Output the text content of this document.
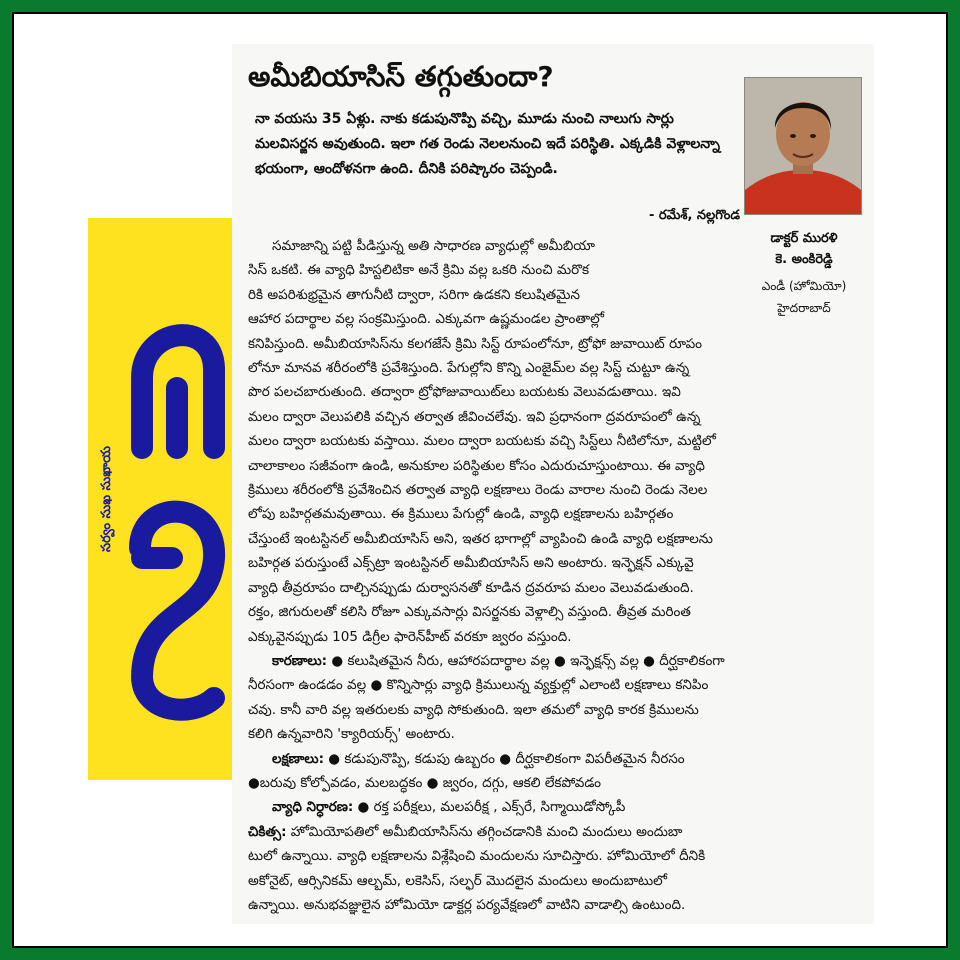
సర్వం సుఖ సుఖాయ
అమీబియాసిస్ తగ్గుతుందా?
నా వయసు 35 ఏళ్లు. నాకు కడుపునొప్పి వచ్చి, మూడు నుంచి నాలుగు సార్లు మలవిసర్జన అవుతుంది. ఇలా గత రెండు నెలలనుంచి ఇదే పరిస్థితి. ఎక్కడికి వెళ్లాలన్నా భయంగా, ఆందోళనగా ఉంది. దీనికి పరిష్కారం చెప్పండి.
- రమేశ్, నల్లగొండ
డాక్టర్ మురళి
కె. అంకిరెడ్డి
ఎండీ (హోమియో)
హైదరాబాద్
సమాజాన్ని పట్టి పీడిస్తున్న అతి సాధారణ వ్యాధుల్లో అమీబియా
సిస్ ఒకటి. ఈ వ్యాధి హిస్టలిటికా అనే క్రిమి వల్ల ఒకరి నుంచి మరొక
రికి అపరిశుభ్రమైన తాగునీటి ద్వారా, సరిగా ఉడకని కలుషితమైన
ఆహార పదార్థాల వల్ల సంక్రమిస్తుంది. ఎక్కువగా ఉష్ణమండల ప్రాంతాల్లో
కనిపిస్తుంది. అమీబియాసిస్‌ను కలగజేసే క్రిమి సిస్ట్ రూపంలోనూ, ట్రోఫో జువాయిట్ రూపం
లోనూ మానవ శరీరంలోకి ప్రవేశిస్తుంది. పేగుల్లోని కొన్ని ఎంజైమ్‌ల వల్ల సిస్ట్ చుట్టూ ఉన్న
పొర పలచబారుతుంది. తద్వారా ట్రోఫోజువాయిట్‌లు బయటకు వెలువడుతాయి. ఇవి
మలం ద్వారా వెలుపలికి వచ్చిన తర్వాత జీవించలేవు. ఇవి ప్రధానంగా ద్రవరూపంలో ఉన్న
మలం ద్వారా బయటకు వస్తాయి. మలం ద్వారా బయటకు వచ్చి సిస్ట్‌లు నీటిలోనూ, మట్టిలో
చాలాకాలం సజీవంగా ఉండి, అనుకూల పరిస్థితుల కోసం ఎదురుచూస్తుంటాయి. ఈ వ్యాధి
క్రిములు శరీరంలోకి ప్రవేశించిన తర్వాత వ్యాధి లక్షణాలు రెండు వారాల నుంచి రెండు నెలల
లోపు బహిర్గతమవుతాయి. ఈ క్రిములు పేగుల్లో ఉండి, వ్యాధి లక్షణాలను బహిర్గతం
చేస్తుంటే ఇంటస్టినల్ అమీబియాసిస్ అని, ఇతర భాగాల్లో వ్యాపించి ఉండి వ్యాధి లక్షణాలను
బహిర్గత పరుస్తుంటే ఎక్స్‌ట్రా ఇంటస్టినల్ అమీబియాసిస్ అని అంటారు. ఇన్ఫెక్షన్ ఎక్కువై
వ్యాధి తీవ్రరూపం దాల్చినప్పుడు దుర్వాసనతో కూడిన ద్రవరూప మలం వెలువడుతుంది.
రక్తం, జిగురులతో కలిసి రోజూ ఎక్కువసార్లు విసర్జనకు వెళ్లాల్సి వస్తుంది. తీవ్రత మరింత
ఎక్కువైనప్పుడు 105 డిగ్రీల ఫారెన్‌హీట్ వరకూ జ్వరం వస్తుంది.
కారణాలు: ● కలుషితమైన నీరు, ఆహారపదార్థాల వల్ల ● ఇన్ఫెక్షన్స్ వల్ల ● దీర్ఘకాలికంగా
నీరసంగా ఉండడం వల్ల ● కొన్నిసార్లు వ్యాధి క్రిములున్న వ్యక్తుల్లో ఎలాంటి లక్షణాలు కనిపిం
చవు. కానీ వారి వల్ల ఇతరులకు వ్యాధి సోకుతుంది. ఇలా తమలో వ్యాధి కారక క్రిములను
కలిగి ఉన్నవారిని 'క్యారియర్స్' అంటారు.
లక్షణాలు: ● కడుపునొప్పి, కడుపు ఉబ్బరం ● దీర్ఘకాలికంగా విపరీతమైన నీరసం
●బరువు కోల్పోవడం, మలబద్ధకం ● జ్వరం, దగ్గు, ఆకలి లేకపోవడం
వ్యాధి నిర్ధారణ: ● రక్త పరీక్షలు, మలపరీక్ష , ఎక్స్‌రే, సిగ్మాయిడోస్కోపీ
చికిత్స: హోమియోపతిలో అమీబియాసిస్‌ను తగ్గించడానికి మంచి మందులు అందుబా
టులో ఉన్నాయి. వ్యాధి లక్షణాలను విశ్లేషించి మందులను సూచిస్తారు. హోమియోలో దీనికి
అకోనైట్, ఆర్సినికమ్ ఆల్బమ్, లకెసిస్, సల్ఫర్ మొదలైన మందులు అందుబాటులో
ఉన్నాయి. అనుభవజ్ఞులైన హోమియో డాక్టర్ల పర్యవేక్షణలో వాటిని వాడాల్సి ఉంటుంది.
